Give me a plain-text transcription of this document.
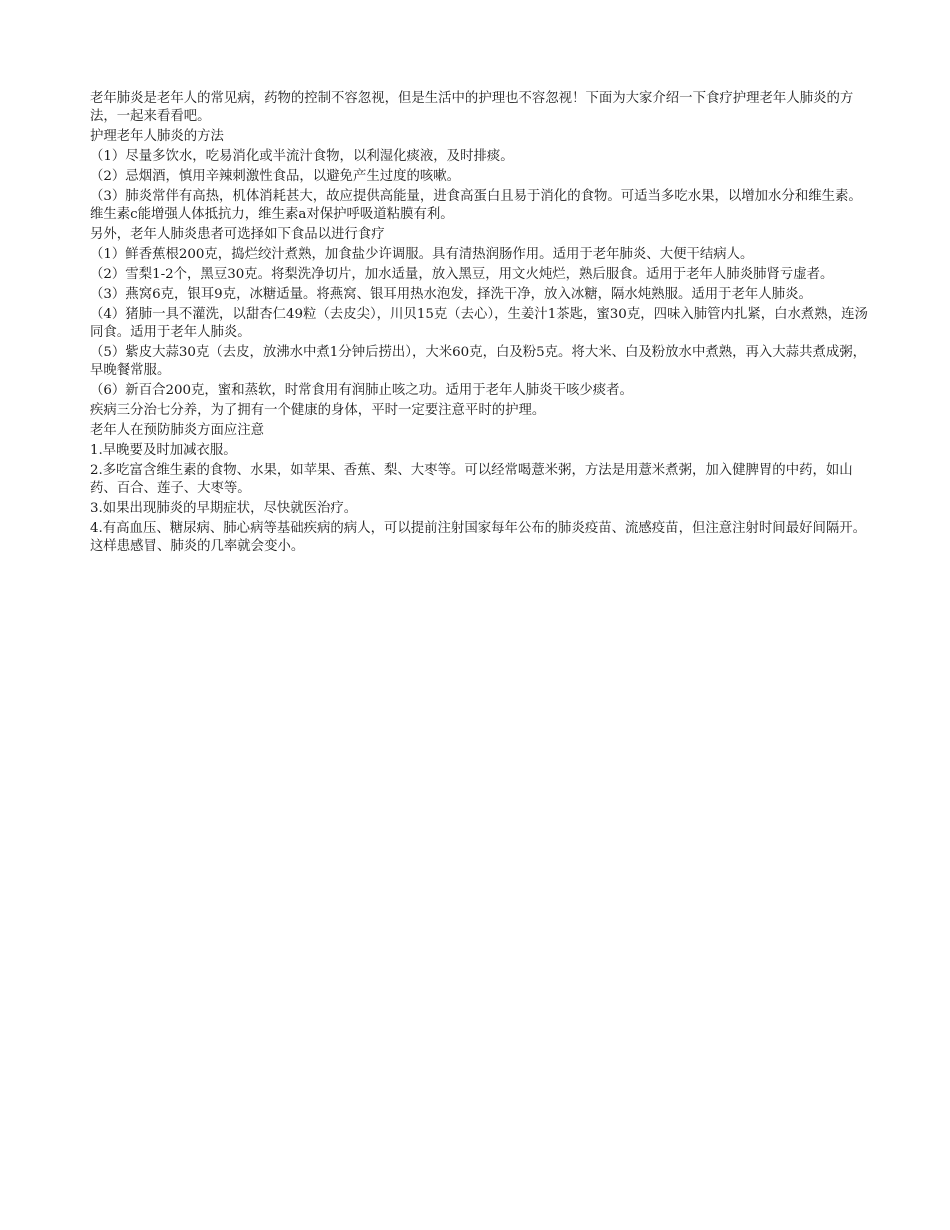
老年肺炎是老年人的常见病，药物的控制不容忽视，但是生活中的护理也不容忽视！下面为大家介绍一下食疗护理老年人肺炎的方法，一起来看看吧。

护理老年人肺炎的方法

（1）尽量多饮水，吃易消化或半流汁食物，以利湿化痰液，及时排痰。

（2）忌烟酒，慎用辛辣刺激性食品，以避免产生过度的咳嗽。

（3）肺炎常伴有高热，机体消耗甚大，故应提供高能量，进食高蛋白且易于消化的食物。可适当多吃水果，以增加水分和维生素。维生素c能增强人体抵抗力，维生素a对保护呼吸道粘膜有利。

另外，老年人肺炎患者可选择如下食品以进行食疗

（1）鲜香蕉根200克，捣烂绞汁煮熟，加食盐少许调服。具有清热润肠作用。适用于老年肺炎、大便干结病人。

（2）雪梨1-2个，黑豆30克。将梨洗净切片，加水适量，放入黑豆，用文火炖烂，熟后服食。适用于老年人肺炎肺肾亏虚者。

（3）燕窝6克，银耳9克，冰糖适量。将燕窝、银耳用热水泡发，择洗干净，放入冰糖，隔水炖熟服。适用于老年人肺炎。

（4）猪肺一具不灌洗，以甜杏仁49粒（去皮尖），川贝15克（去心），生姜汁1茶匙，蜜30克，四味入肺管内扎紧，白水煮熟，连汤同食。适用于老年人肺炎。

（5）紫皮大蒜30克（去皮，放沸水中煮1分钟后捞出），大米60克，白及粉5克。将大米、白及粉放水中煮熟，再入大蒜共煮成粥，早晚餐常服。

（6）新百合200克，蜜和蒸软，时常食用有润肺止咳之功。适用于老年人肺炎干咳少痰者。

疾病三分治七分养，为了拥有一个健康的身体，平时一定要注意平时的护理。

老年人在预防肺炎方面应注意

1.早晚要及时加减衣服。

2.多吃富含维生素的食物、水果，如苹果、香蕉、梨、大枣等。可以经常喝薏米粥，方法是用薏米煮粥，加入健脾胃的中药，如山药、百合、莲子、大枣等。

3.如果出现肺炎的早期症状，尽快就医治疗。

4.有高血压、糖尿病、肺心病等基础疾病的病人，可以提前注射国家每年公布的肺炎疫苗、流感疫苗，但注意注射时间最好间隔开。这样患感冒、肺炎的几率就会变小。
